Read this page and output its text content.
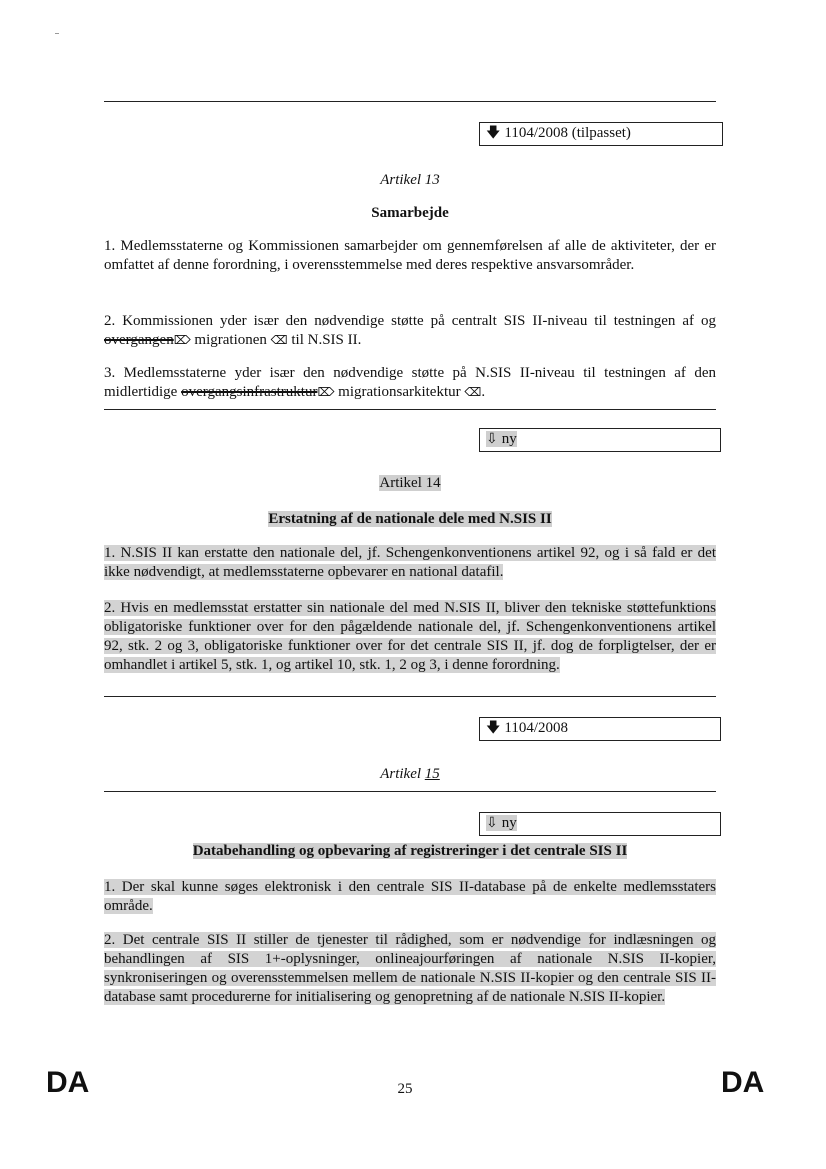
🡇 1104/2008 (tilpasset)
Artikel 13
Samarbejde
1. Medlemsstaterne og Kommissionen samarbejder om gennemførelsen af alle de aktiviteter, der er omfattet af denne forordning, i overensstemmelse med deres respektive ansvarsområder.
2. Kommissionen yder især den nødvendige støtte på centralt SIS II-niveau til testningen af og overgangen⌦ migrationen ⌫ til N.SIS II.
3. Medlemsstaterne yder især den nødvendige støtte på N.SIS II-niveau til testningen af den midlertidige overgangsinfrastruktur⌦ migrationsarkitektur ⌫.
⇩ ny
Artikel 14
Erstatning af de nationale dele med N.SIS II
1. N.SIS II kan erstatte den nationale del, jf. Schengenkonventionens artikel 92, og i så fald er det ikke nødvendigt, at medlemsstaterne opbevarer en national datafil.
2. Hvis en medlemsstat erstatter sin nationale del med N.SIS II, bliver den tekniske støttefunktions obligatoriske funktioner over for den pågældende nationale del, jf. Schengenkonventionens artikel 92, stk. 2 og 3, obligatoriske funktioner over for det centrale SIS II, jf. dog de forpligtelser, der er omhandlet i artikel 5, stk. 1, og artikel 10, stk. 1, 2 og 3, i denne forordning.
🡇 1104/2008
Artikel 15
⇩ ny
Databehandling og opbevaring af registreringer i det centrale SIS II
1. Der skal kunne søges elektronisk i den centrale SIS II-database på de enkelte medlemsstaters område.
2. Det centrale SIS II stiller de tjenester til rådighed, som er nødvendige for indlæsningen og behandlingen af SIS 1+-oplysninger, onlineajourføringen af nationale N.SIS II-kopier, synkroniseringen og overensstemmelsen mellem de nationale N.SIS II-kopier og den centrale SIS II-database samt procedurerne for initialisering og genopretning af de nationale N.SIS II-kopier.
DA	25	DA
